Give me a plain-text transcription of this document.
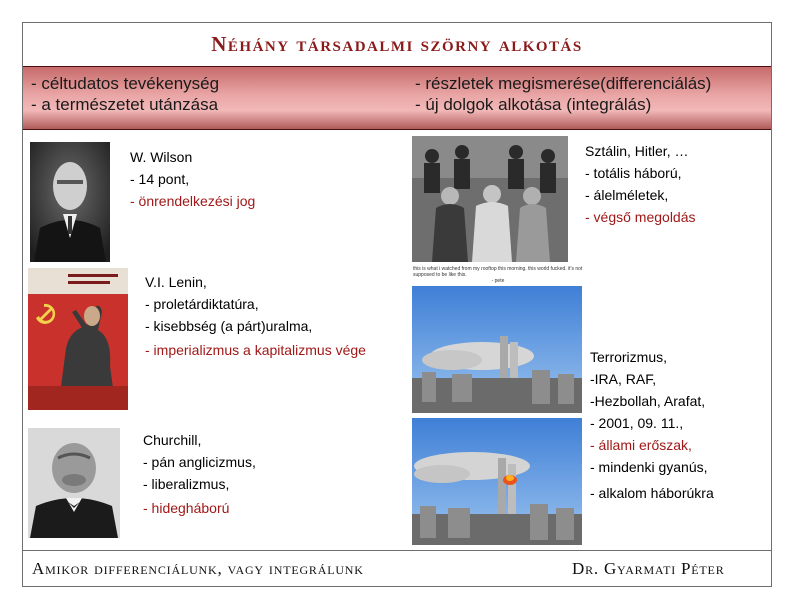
Néhány társadalmi szörny alkotás
- céltudatos tevékenység
- a természetet utánzása
- részletek megismerése(differenciálás)
- új dolgok alkotása (integrálás)
W. Wilson
- 14 pont,
- önrendelkezési jog
V.I. Lenin,
- proletárdiktatúra,
- kisebbség (a párt)uralma,
- imperializmus a kapitalizmus vége
Churchill,
- pán anglicizmus,
- liberalizmus,
- hidegháború
Sztálin, Hitler, …
- totális háború,
- álelméletek,
- végső megoldás
this is what i watched from my rooftop this morning. this world fucked. it's not supposed to be like this.
- pete
Terrorizmus,
-IRA, RAF,
-Hezbollah, Arafat,
- 2001, 09. 11.,
- állami erőszak,
- mindenki gyanús,
- alkalom háborúkra
Amikor differenciálunk, vagy integrálunk	Dr. Gyarmati Péter
